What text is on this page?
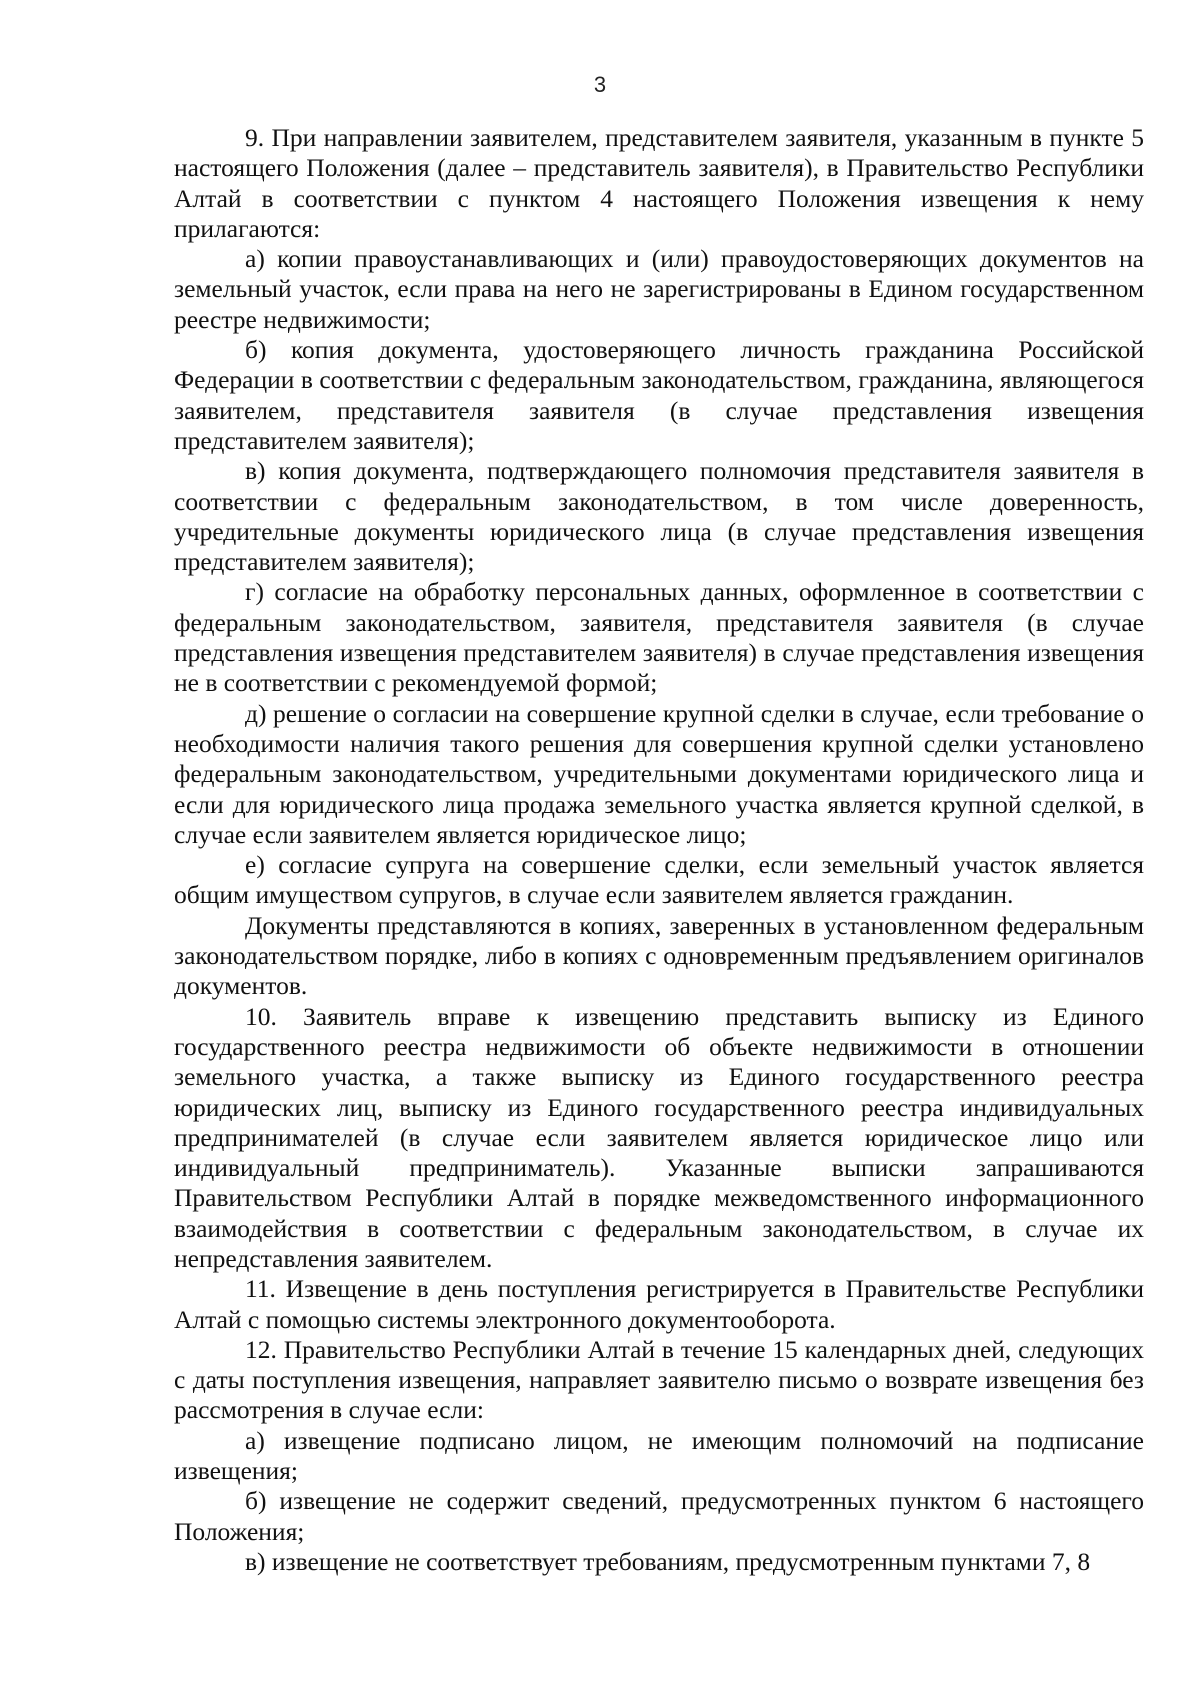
3

9. При направлении заявителем, представителем заявителя, указанным в пункте 5 настоящего Положения (далее – представитель заявителя), в Правительство Республики Алтай в соответствии с пунктом 4 настоящего Положения извещения к нему прилагаются:

а) копии правоустанавливающих и (или) правоудостоверяющих документов на земельный участок, если права на него не зарегистрированы в Едином государственном реестре недвижимости;

б) копия документа, удостоверяющего личность гражданина Российской Федерации в соответствии с федеральным законодательством, гражданина, являющегося заявителем, представителя заявителя (в случае представления извещения представителем заявителя);

в) копия документа, подтверждающего полномочия представителя заявителя в соответствии с федеральным законодательством, в том числе доверенность, учредительные документы юридического лица (в случае представления извещения представителем заявителя);

г) согласие на обработку персональных данных, оформленное в соответствии с федеральным законодательством, заявителя, представителя заявителя (в случае представления извещения представителем заявителя) в случае представления извещения не в соответствии с рекомендуемой формой;

д) решение о согласии на совершение крупной сделки в случае, если требование о необходимости наличия такого решения для совершения крупной сделки установлено федеральным законодательством, учредительными документами юридического лица и если для юридического лица продажа земельного участка является крупной сделкой, в случае если заявителем является юридическое лицо;

е) согласие супруга на совершение сделки, если земельный участок является общим имуществом супругов, в случае если заявителем является гражданин.

Документы представляются в копиях, заверенных в установленном федеральным законодательством порядке, либо в копиях с одновременным предъявлением оригиналов документов.

10. Заявитель вправе к извещению представить выписку из Единого государственного реестра недвижимости об объекте недвижимости в отношении земельного участка, а также выписку из Единого государственного реестра юридических лиц, выписку из Единого государственного реестра индивидуальных предпринимателей (в случае если заявителем является юридическое лицо или индивидуальный предприниматель). Указанные выписки запрашиваются Правительством Республики Алтай в порядке межведомственного информационного взаимодействия в соответствии с федеральным законодательством, в случае их непредставления заявителем.

11. Извещение в день поступления регистрируется в Правительстве Республики Алтай с помощью системы электронного документооборота.

12. Правительство Республики Алтай в течение 15 календарных дней, следующих с даты поступления извещения, направляет заявителю письмо о возврате извещения без рассмотрения в случае если:

а) извещение подписано лицом, не имеющим полномочий на подписание извещения;

б) извещение не содержит сведений, предусмотренных пунктом 6 настоящего Положения;

в) извещение не соответствует требованиям, предусмотренным пунктами 7, 8
